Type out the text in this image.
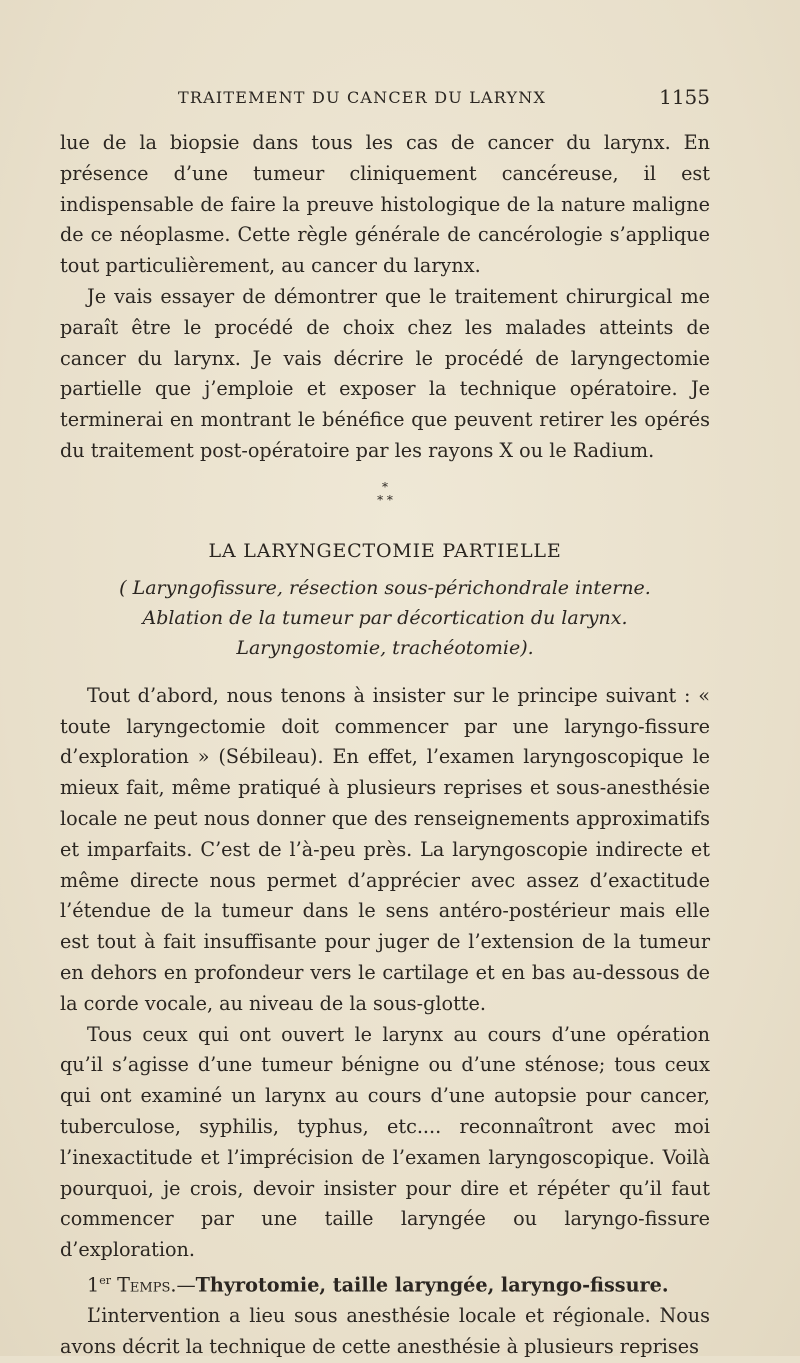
TRAITEMENT DU CANCER DU LARYNX	1155

lue de la biopsie dans tous les cas de cancer du larynx. En présence d’une tumeur cliniquement cancéreuse, il est indispensable de faire la preuve histologique de la nature maligne de ce néoplasme. Cette règle générale de cancérologie s’applique tout particulièrement, au cancer du larynx.

Je vais essayer de démontrer que le traitement chirurgical me paraît être le procédé de choix chez les malades atteints de cancer du larynx. Je vais décrire le procédé de laryngectomie partielle que j’emploie et exposer la technique opératoire. Je terminerai en montrant le bénéfice que peuvent retirer les opérés du traitement post-opératoire par les rayons X ou le Radium.

*
* *
LA LARYNGECTOMIE PARTIELLE
( Laryngofissure, résection sous-périchondrale interne.
Ablation de la tumeur par décortication du larynx.
Laryngostomie, trachéotomie).

Tout d’abord, nous tenons à insister sur le principe suivant : « toute laryngectomie doit commencer par une laryngo-fissure d’exploration » (Sébileau). En effet, l’examen laryngoscopique le mieux fait, même pratiqué à plusieurs reprises et sous-anesthésie locale ne peut nous donner que des renseignements approximatifs et imparfaits. C’est de l’à-peu près. La laryngoscopie indirecte et même directe nous permet d’apprécier avec assez d’exactitude l’étendue de la tumeur dans le sens antéro-postérieur mais elle est tout à fait insuffisante pour juger de l’extension de la tumeur en dehors en profondeur vers le cartilage et en bas au-dessous de la corde vocale, au niveau de la sous-glotte.

Tous ceux qui ont ouvert le larynx au cours d’une opération qu’il s’agisse d’une tumeur bénigne ou d’une sténose; tous ceux qui ont examiné un larynx au cours d’une autopsie pour cancer, tuberculose, syphilis, typhus, etc.... reconnaîtront avec moi l’inexactitude et l’imprécision de l’examen laryngoscopique. Voilà pourquoi, je crois, devoir insister pour dire et répéter qu’il faut commencer par une taille laryngée ou laryngo-fissure d’exploration.

1er Temps.—Thyrotomie, taille laryngée, laryngo-fissure.

L’intervention a lieu sous anesthésie locale et régionale. Nous avons décrit la technique de cette anesthésie à plusieurs reprises
